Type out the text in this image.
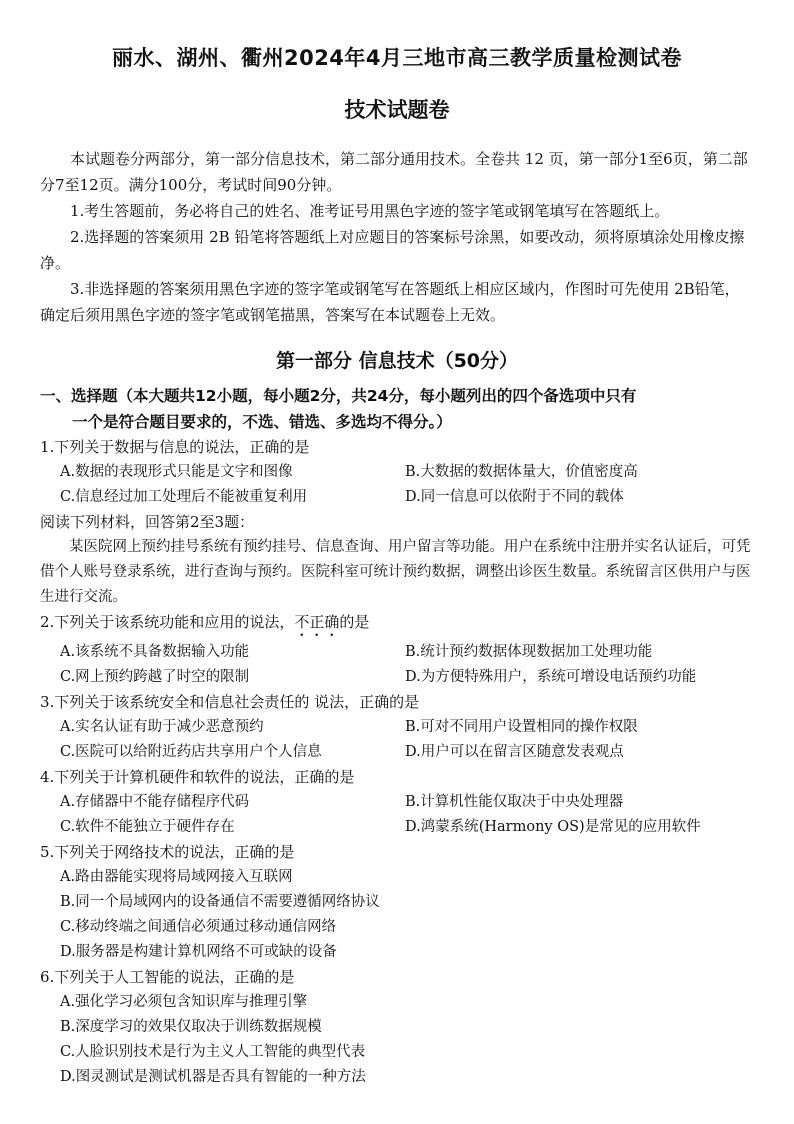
丽水、湖州、衢州2024年4月三地市高三教学质量检测试卷
技术试题卷

本试题卷分两部分，第一部分信息技术，第二部分通用技术。全卷共 12 页，第一部分1至6页，第二部分7至12页。满分100分，考试时间90分钟。

1.考生答题前，务必将自己的姓名、准考证号用黑色字迹的签字笔或钢笔填写在答题纸上。

2.选择题的答案须用 2B 铅笔将答题纸上对应题目的答案标号涂黑，如要改动，须将原填涂处用橡皮擦净。

3.非选择题的答案须用黑色字迹的签字笔或钢笔写在答题纸上相应区域内，作图时可先使用 2B铅笔，确定后须用黑色字迹的签字笔或钢笔描黑，答案写在本试题卷上无效。

第一部分 信息技术（50分）

一、选择题（本大题共12小题，每小题2分，共24分，每小题列出的四个备选项中只有

一个是符合题目要求的，不选、错选、多选均不得分。）

1.下列关于数据与信息的说法，正确的是

A.数据的表现形式只能是文字和图像	B.大数据的数据体量大，价值密度高
C.信息经过加工处理后不能被重复利用	D.同一信息可以依附于不同的载体

阅读下列材料，回答第2至3题：

某医院网上预约挂号系统有预约挂号、信息查询、用户留言等功能。用户在系统中注册并实名认证后，可凭借个人账号登录系统，进行查询与预约。医院科室可统计预约数据，调整出诊医生数量。系统留言区供用户与医生进行交流。

2.下列关于该系统功能和应用的说法，不正确的是

A.该系统不具备数据输入功能	B.统计预约数据体现数据加工处理功能
C.网上预约跨越了时空的限制	D.为方便特殊用户，系统可增设电话预约功能

3.下列关于该系统安全和信息社会责任的 说法，正确的是

A.实名认证有助于减少恶意预约	B.可对不同用户设置相同的操作权限
C.医院可以给附近药店共享用户个人信息	D.用户可以在留言区随意发表观点

4.下列关于计算机硬件和软件的说法，正确的是

A.存储器中不能存储程序代码	B.计算机性能仅取决于中央处理器
C.软件不能独立于硬件存在	D.鸿蒙系统(Harmony OS)是常见的应用软件

5.下列关于网络技术的说法，正确的是

A.路由器能实现将局域网接入互联网
B.同一个局域网内的设备通信不需要遵循网络协议
C.移动终端之间通信必须通过移动通信网络
D.服务器是构建计算机网络不可或缺的设备

6.下列关于人工智能的说法，正确的是

A.强化学习必须包含知识库与推理引擎
B.深度学习的效果仅取决于训练数据规模
C.人脸识别技术是行为主义人工智能的典型代表
D.图灵测试是测试机器是否具有智能的一种方法
